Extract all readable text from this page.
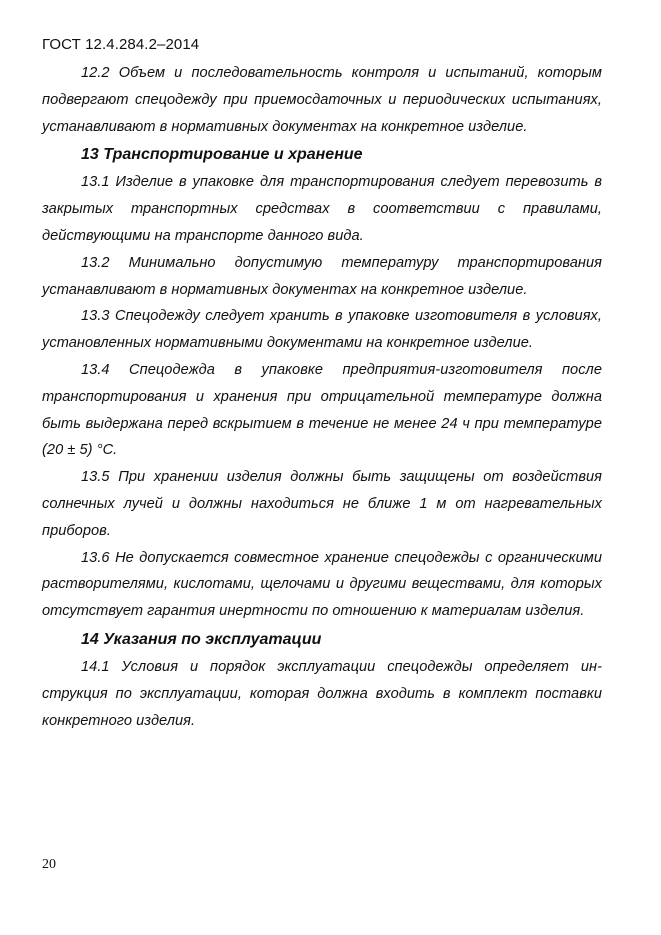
ГОСТ 12.4.284.2–2014

12.2 Объем и последовательность контроля и испытаний, которым подвергают спецодежду при приемосдаточных и периодических испытаниях, устанавливают в нормативных документах на конкретное изделие.

13 Транспортирование и хранение

13.1 Изделие в упаковке для транспортирования следует перевозить в закрытых транспортных средствах в соответствии с правилами, действующими на транспорте данного вида.

13.2 Минимально допустимую температуру транспортирования устанавливают в нормативных документах на конкретное изделие.

13.3 Спецодежду следует хранить в упаковке изготовителя в условиях, установленных нормативными документами на конкретное изделие.

13.4 Спецодежда в упаковке предприятия-изготовителя после транспортирования и хранения при отрицательной температуре должна быть выдержана перед вскрытием в течение не менее 24 ч при температуре (20 ± 5) °С.

13.5 При хранении изделия должны быть защищены от воздействия солнечных лучей и должны находиться не ближе 1 м от нагревательных приборов.

13.6 Не допускается совместное хранение спецодежды с органическими растворителями, кислотами, щелочами и другими веществами, для которых отсутствует гарантия инертности по отношению к материалам изделия.

14 Указания по эксплуатации

14.1 Условия и порядок эксплуатации спецодежды определяет инструкция по эксплуатации, которая должна входить в комплект поставки конкретного изделия.

20
